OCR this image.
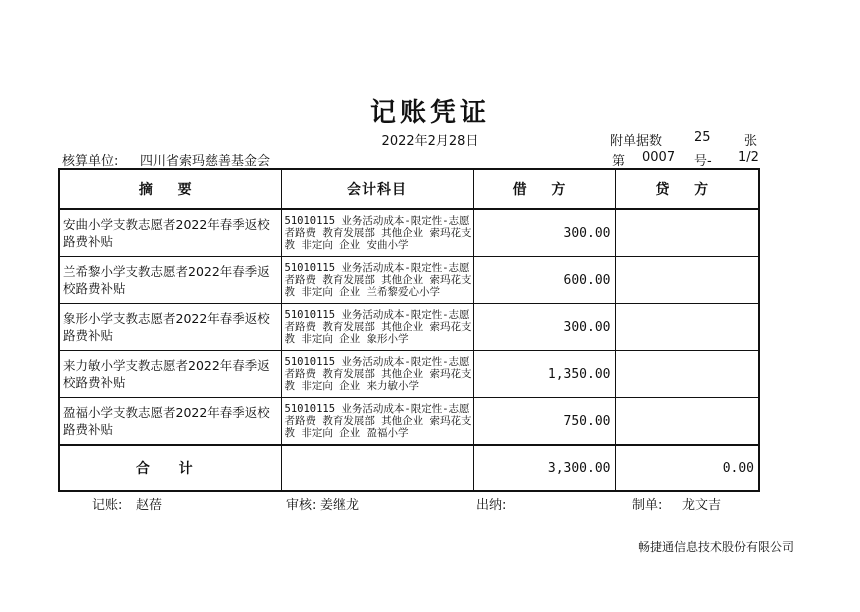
记账凭证
2022年2月28日	附单据数 25	张
核算单位: 四川省索玛慈善基金会	第 0007 号- 1/2
摘 要	会计科目	借 方	贷 方
安曲小学支教志愿者2022年春季返校路费补贴	51010115 业务活动成本-限定性-志愿者路费 教育发展部 其他企业 索玛花支教 非定向 企业 安曲小学	300.00	
兰希黎小学支教志愿者2022年春季返校路费补贴	51010115 业务活动成本-限定性-志愿者路费 教育发展部 其他企业 索玛花支教 非定向 企业 兰希黎爱心小学	600.00	
象形小学支教志愿者2022年春季返校路费补贴	51010115 业务活动成本-限定性-志愿者路费 教育发展部 其他企业 索玛花支教 非定向 企业 象形小学	300.00	
来力敏小学支教志愿者2022年春季返校路费补贴	51010115 业务活动成本-限定性-志愿者路费 教育发展部 其他企业 索玛花支教 非定向 企业 来力敏小学	1,350.00	
盈福小学支教志愿者2022年春季返校路费补贴	51010115 业务活动成本-限定性-志愿者路费 教育发展部 其他企业 索玛花支教 非定向 企业 盈福小学	750.00	
合 计		3,300.00	0.00
记账: 赵蓓	审核: 姜继龙	出纳:	制单: 龙文吉
畅捷通信息技术股份有限公司
